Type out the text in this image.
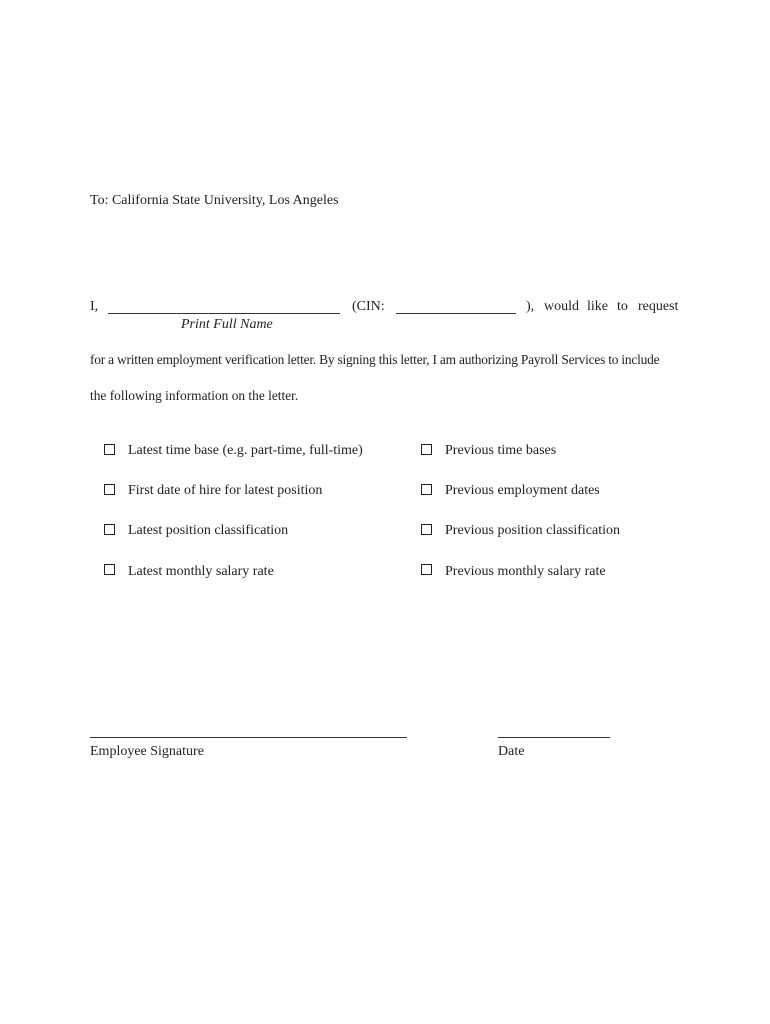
To: California State University, Los Angeles
I,	(CIN:	), would like to request
Print Full Name
for a written employment verification letter. By signing this letter, I am authorizing Payroll Services to include
the following information on the letter.
Latest time base (e.g. part-time, full-time)
First date of hire for latest position
Latest position classification
Latest monthly salary rate
Previous time bases
Previous employment dates
Previous position classification
Previous monthly salary rate
Employee Signature	Date
